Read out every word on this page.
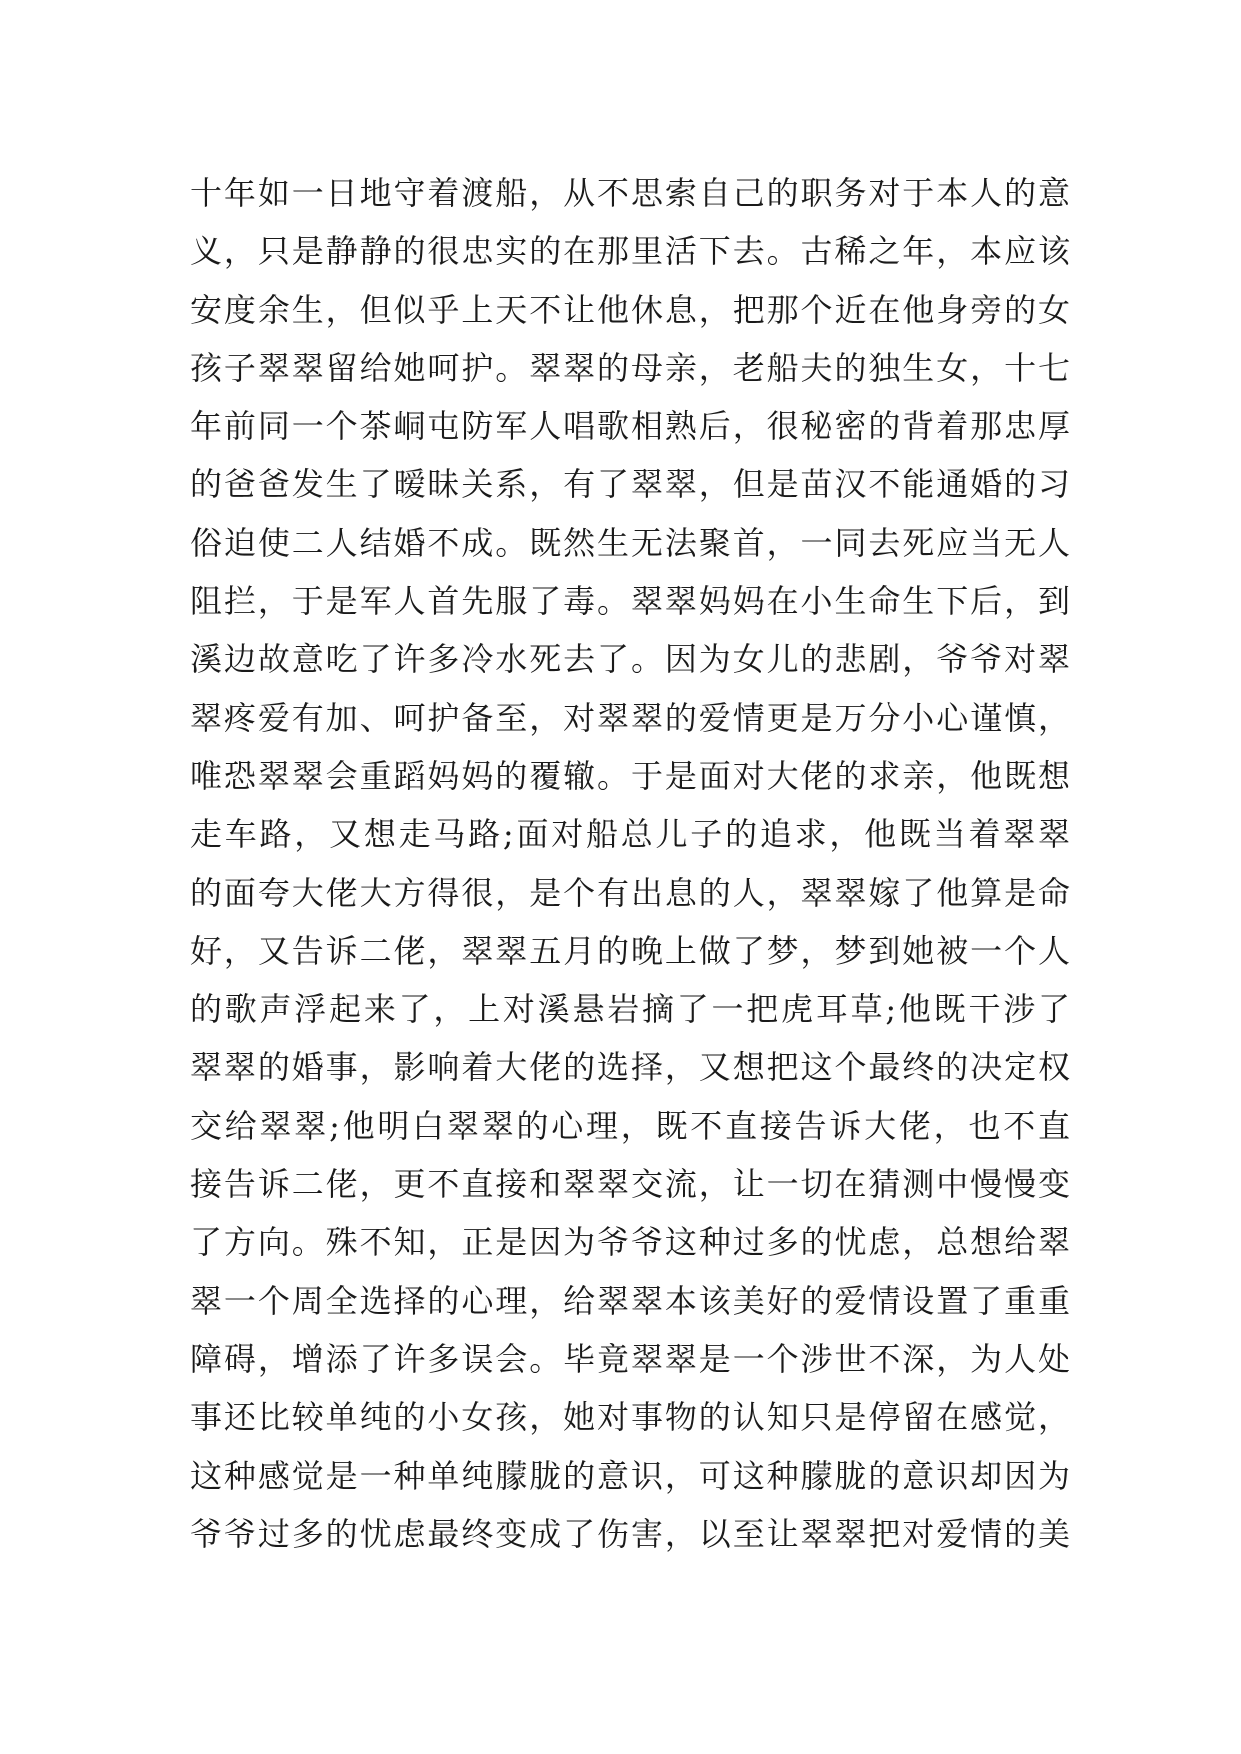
十年如一日地守着渡船，从不思索自己的职务对于本人的意
义，只是静静的很忠实的在那里活下去。古稀之年，本应该
安度余生，但似乎上天不让他休息，把那个近在他身旁的女
孩子翠翠留给她呵护。翠翠的母亲，老船夫的独生女，十七
年前同一个茶峒屯防军人唱歌相熟后，很秘密的背着那忠厚
的爸爸发生了暧昧关系，有了翠翠，但是苗汉不能通婚的习
俗迫使二人结婚不成。既然生无法聚首，一同去死应当无人
阻拦，于是军人首先服了毒。翠翠妈妈在小生命生下后，到
溪边故意吃了许多冷水死去了。因为女儿的悲剧，爷爷对翠
翠疼爱有加、呵护备至，对翠翠的爱情更是万分小心谨慎，
唯恐翠翠会重蹈妈妈的覆辙。于是面对大佬的求亲，他既想
走车路，又想走马路;面对船总儿子的追求，他既当着翠翠
的面夸大佬大方得很，是个有出息的人，翠翠嫁了他算是命
好，又告诉二佬，翠翠五月的晚上做了梦，梦到她被一个人
的歌声浮起来了，上对溪悬岩摘了一把虎耳草;他既干涉了
翠翠的婚事，影响着大佬的选择，又想把这个最终的决定权
交给翠翠;他明白翠翠的心理，既不直接告诉大佬，也不直
接告诉二佬，更不直接和翠翠交流，让一切在猜测中慢慢变
了方向。殊不知，正是因为爷爷这种过多的忧虑，总想给翠
翠一个周全选择的心理，给翠翠本该美好的爱情设置了重重
障碍，增添了许多误会。毕竟翠翠是一个涉世不深，为人处
事还比较单纯的小女孩，她对事物的认知只是停留在感觉，
这种感觉是一种单纯朦胧的意识，可这种朦胧的意识却因为
爷爷过多的忧虑最终变成了伤害，以至让翠翠把对爱情的美
